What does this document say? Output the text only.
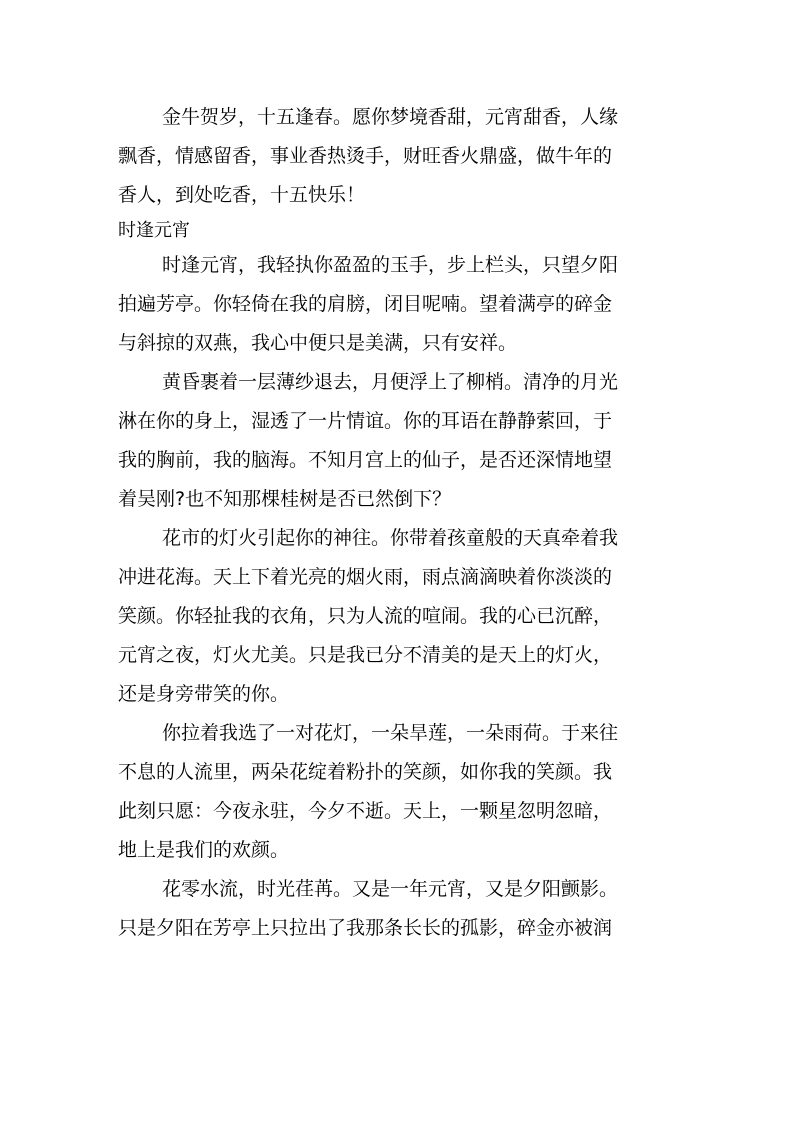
金牛贺岁，十五逢春。愿你梦境香甜，元宵甜香，人缘
飘香，情感留香，事业香热烫手，财旺香火鼎盛，做牛年的
香人，到处吃香，十五快乐！
时逢元宵
时逢元宵，我轻执你盈盈的玉手，步上栏头，只望夕阳
拍遍芳亭。你轻倚在我的肩膀，闭目呢喃。望着满亭的碎金
与斜掠的双燕，我心中便只是美满，只有安祥。
黄昏裹着一层薄纱退去，月便浮上了柳梢。清净的月光
淋在你的身上，湿透了一片情谊。你的耳语在静静萦回，于
我的胸前，我的脑海。不知月宫上的仙子，是否还深情地望
着吴刚?也不知那棵桂树是否已然倒下？
花市的灯火引起你的神往。你带着孩童般的天真牵着我
冲进花海。天上下着光亮的烟火雨，雨点滴滴映着你淡淡的
笑颜。你轻扯我的衣角，只为人流的喧闹。我的心已沉醉，
元宵之夜，灯火尤美。只是我已分不清美的是天上的灯火，
还是身旁带笑的你。
你拉着我选了一对花灯，一朵旱莲，一朵雨荷。于来往
不息的人流里，两朵花绽着粉扑的笑颜，如你我的笑颜。我
此刻只愿：今夜永驻，今夕不逝。天上，一颗星忽明忽暗，
地上是我们的欢颜。
花零水流，时光荏苒。又是一年元宵，又是夕阳颤影。
只是夕阳在芳亭上只拉出了我那条长长的孤影，碎金亦被润
